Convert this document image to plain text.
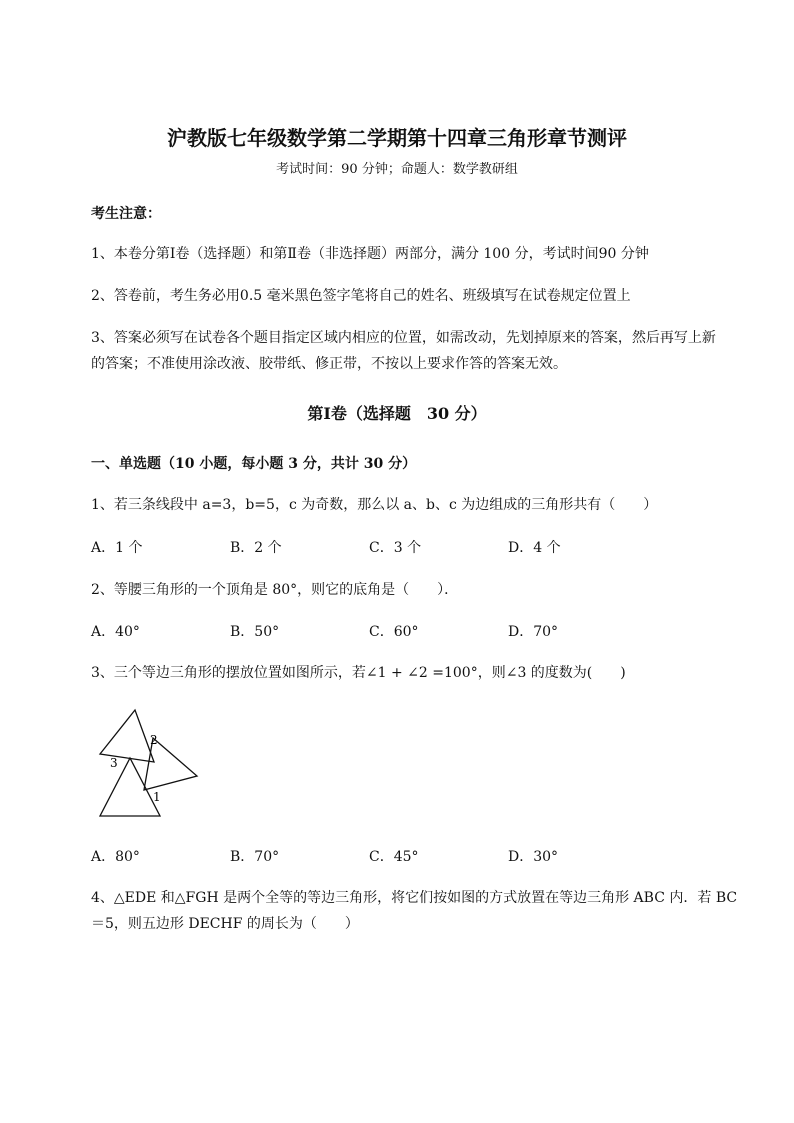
沪教版七年级数学第二学期第十四章三角形章节测评
考试时间：90 分钟；命题人：数学教研组
考生注意：
1、本卷分第Ⅰ卷（选择题）和第Ⅱ卷（非选择题）两部分，满分 100 分，考试时间90 分钟
2、答卷前，考生务必用0.5 毫米黑色签字笔将自己的姓名、班级填写在试卷规定位置上
3、答案必须写在试卷各个题目指定区域内相应的位置，如需改动，先划掉原来的答案，然后再写上新
的答案；不准使用涂改液、胶带纸、修正带，不按以上要求作答的答案无效。
第Ⅰ卷（选择题　30 分）
一、单选题（10 小题，每小题 3 分，共计 30 分）
1、若三条线段中 a=3，b=5，c 为奇数，那么以 a、b、c 为边组成的三角形共有（　　）
A．1 个	B．2 个	C．3 个	D．4 个
2、等腰三角形的一个顶角是 80°，则它的底角是（　　）．
A．40°	B．50°	C．60°	D．70°
3、三个等边三角形的摆放位置如图所示，若∠1 + ∠2 =100°，则∠3 的度数为(　　)
2
3
1
A．80°	B．70°	C．45°	D．30°
4、△EDE 和△FGH 是两个全等的等边三角形，将它们按如图的方式放置在等边三角形 ABC 内．若 BC
＝5，则五边形 DECHF 的周长为（　　）
